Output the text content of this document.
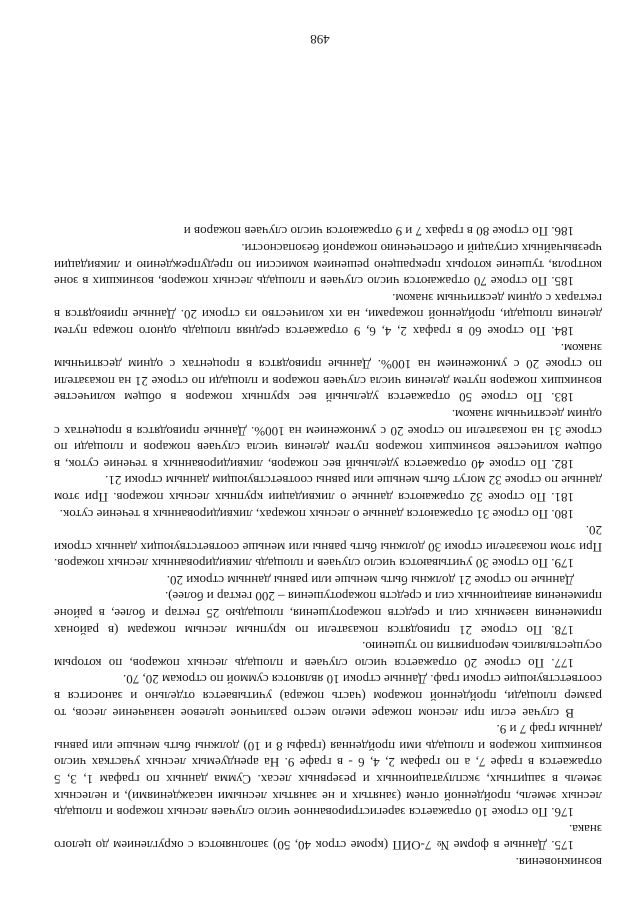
возникновения.

175. Данные в форме № 7-ОИП (кроме строк 40, 50) заполняются с округлением до целого знака.

176. По строке 10 отражается зарегистрированное число случаев лесных пожаров и площадь лесных земель, пройденной огнем (занятых и не занятых лесными насаждениями), и нелесных земель в защитных, эксплуатационных и резервных лесах. Сумма данных по графам 1, 3, 5 отражается в графе 7, а по графам 2, 4, 6 - в графе 9. На арендуемых лесных участках число возникших пожаров и площадь ими пройденная (графы 8 и 10) должны быть меньше или равны данным граф 7 и 9.

В случае если при лесном пожаре имело место различное целевое назначение лесов, то размер площади, пройденной пожаром (часть пожара) учитывается отдельно и заносится в соответствующие строки граф. Данные строки 10 являются суммой по строкам 20, 70.

177. По строке 20 отражается число случаев и площадь лесных пожаров, по которым осуществлялись мероприятия по тушению.

178. По строке 21 приводятся показатели по крупным лесным пожарам (в районах применения наземных сил и средств пожаротушения, площадью 25 гектар и более, в районе применения авиационных сил и средств пожаротушения – 200 гектар и более).

Данные по строке 21 должны быть меньше или равны данным строки 20.

179. По строке 30 учитываются число случаев и площадь ликвидированных лесных пожаров. При этом показатели строки 30 должны быть равны или меньше соответствующих данных строки 20.

180. По строке 31 отражаются данные о лесных пожарах, ликвидированных в течение суток.

181. По строке 32 отражаются данные о ликвидации крупных лесных пожаров. При этом данные по строке 32 могут быть меньше или равны соответствующим данным строки 21.

182. По строке 40 отражается удельный вес пожаров, ликвидированных в течение суток, в общем количестве возникших пожаров путем деления числа случаев пожаров и площади по строке 31 на показатели по строке 20 с умножением на 100%. Данные приводятся в процентах с одним десятичным знаком.

183. По строке 50 отражается удельный вес крупных пожаров в общем количестве возникших пожаров путем деления числа случаев пожаров и площади по строке 21 на показатели по строке 20 с умножением на 100%. Данные приводятся в процентах с одним десятичным знаком.

184. По строке 60 в графах 2, 4, 6, 9 отражается средняя площадь одного пожара путем деления площади, пройденной пожарами, на их количество из строки 20. Данные приводятся в гектарах с одним десятичным знаком.

185. По строке 70 отражаются число случаев и площадь лесных пожаров, возникших в зоне контроля, тушение которых прекращено решением комиссии по предупреждению и ликвидации чрезвычайных ситуаций и обеспечению пожарной безопасности.

186. По строке 80 в графах 7 и 9 отражаются число случаев пожаров и

498
